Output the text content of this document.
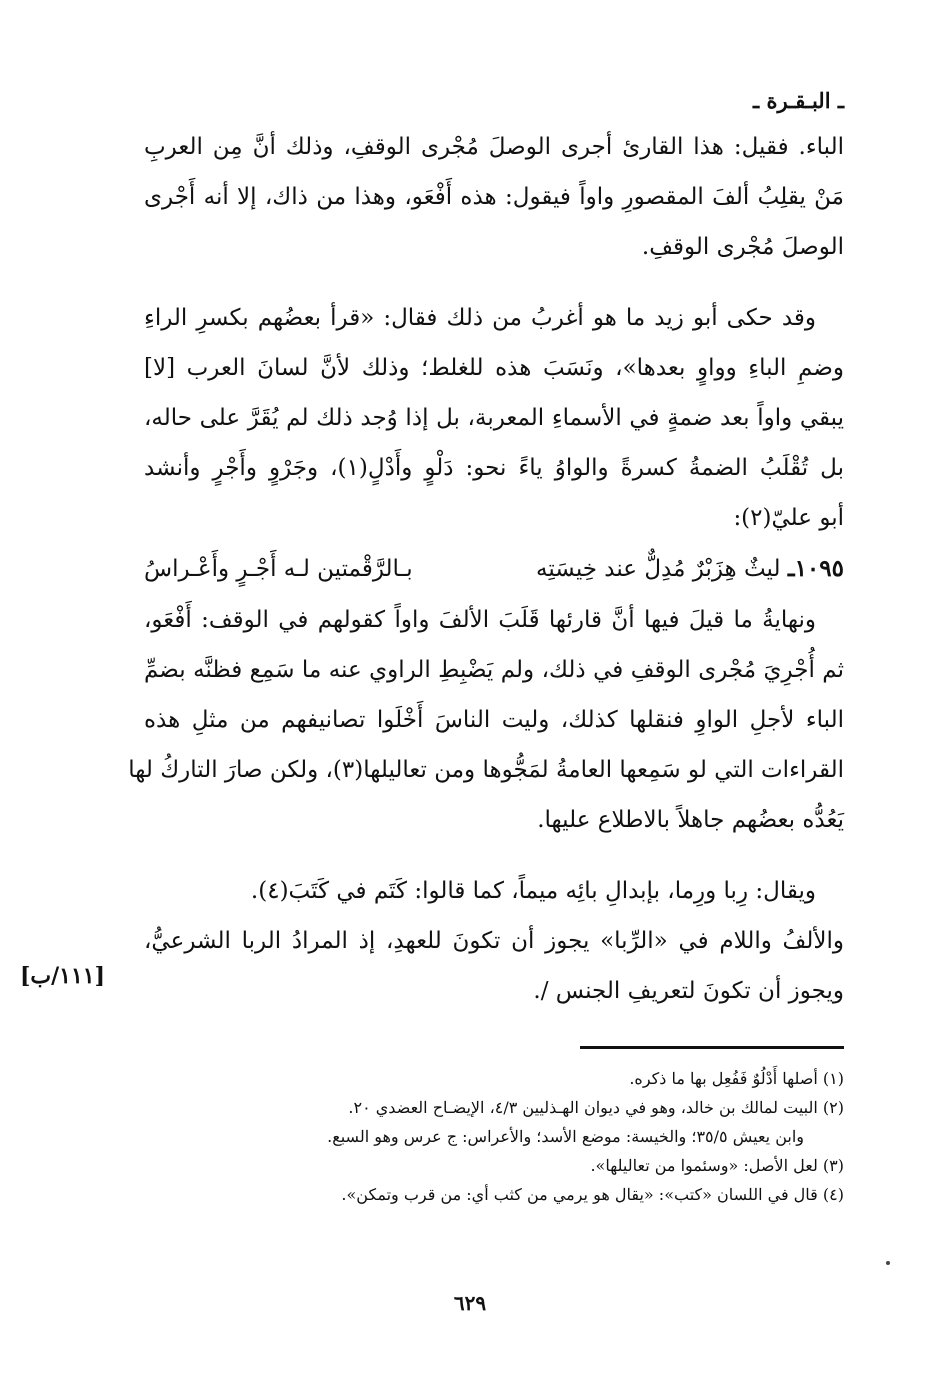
ـ البـقـرة ـ
الباء. فقيل: هذا القارئ أجرى الوصلَ مُجْرى الوقفِ، وذلك أنَّ مِن العربِ
مَنْ يقلِبُ ألفَ المقصورِ واواً فيقول: هذه أَفْعَو، وهذا من ذاك، إلا أنه أَجْرى
الوصلَ مُجْرى الوقفِ.
وقد حكى أبو زيد ما هو أغربُ من ذلك فقال: «قرأ بعضُهم بكسرِ الراءِ
وضمِ الباءِ وواوٍ بعدها»، ونَسَبَ هذه للغلط؛ وذلك لأنَّ لسانَ العرب [لا]
يبقي واواً بعد ضمةٍ في الأسماءِ المعربة، بل إذا وُجد ذلك لم يُقَرَّ على حاله،
بل تُقْلَبُ الضمةُ كسرةً والواوُ ياءً نحو: دَلْوٍ وأَدْلٍ(١)، وجَرْوٍ وأَجْرٍ وأنشد
أبو عليّ(٢):
١٠٩٥ـ ليثٌ هِزَبْرٌ مُدِلٌّ عند خِيسَتِه
بـالرَّقْمتين لـه أَجْـرٍ وأَعْـراسُ
ونهايةُ ما قيلَ فيها أنَّ قارئها قَلَبَ الألفَ واواً كقولهم في الوقف: أَفْعَو،
ثم أُجْرِيَ مُجْرى الوقفِ في ذلك، ولم يَضْبِطِ الراوي عنه ما سَمِع فظنَّه بضمِّ
الباء لأجلِ الواوِ فنقلها كذلك، وليت الناسَ أَخْلَوا تصانيفهم من مثلِ هذه
القراءات التي لو سَمِعها العامةُ لمَجُّوها ومن تعاليلها(٣)، ولكن صارَ التاركُ لها
يَعُدُّه بعضُهم جاهلاً بالاطلاع عليها.
ويقال: رِبا ورِما، بإبدالِ بائِه ميماً، كما قالوا: كَتَم في كَتَبَ(٤).
والألفُ واللام في «الرِّبا» يجوز أن تكونَ للعهدِ، إذ المرادُ الربا الشرعيُّ،
ويجوز أن تكونَ لتعريفِ الجنس /.
[١١١/ب]
(١) أصلها أَدْلُوٌ فَفُعِل بها ما ذكره.
(٢) البيت لمالك بن خالد، وهو في ديوان الهـذليين ٤/٣، الإيضـاح العضدي ٢٠.
وابن يعيش ٣٥/٥؛ والخيسة: موضع الأسد؛ والأعراس: ج عرس وهو السبع.
(٣) لعل الأصل: «وسئموا من تعاليلها».
(٤) قال في اللسان «كتب»: «يقال هو يرمي من كثب أي: من قرب وتمكن».
٦٢٩
